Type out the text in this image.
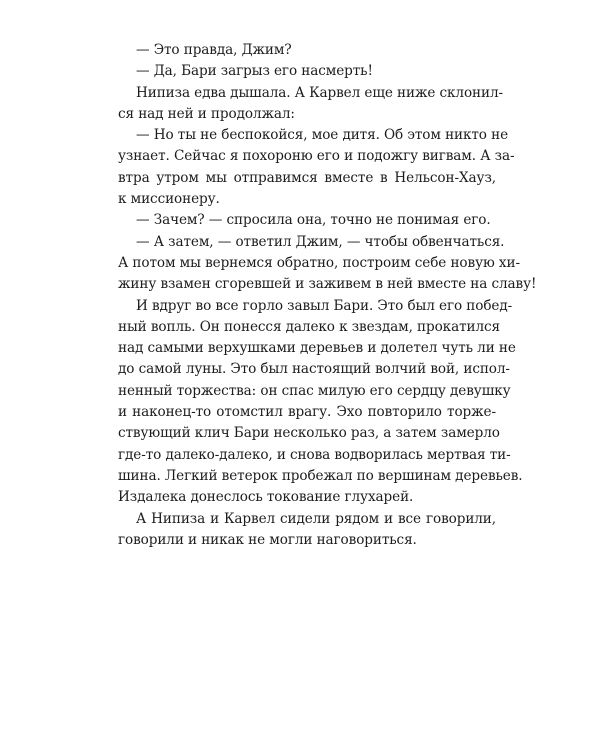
— Это правда, Джим?
— Да, Бари загрыз его насмерть!
Нипиза едва дышала. А Карвел еще ниже склонил-
ся над ней и продолжал:
— Но ты не беспокойся, мое дитя. Об этом никто не
узнает. Сейчас я похороню его и подожгу вигвам. А за-
втра утром мы отправимся вместе в Нельсон-Хауз,
к миссионеру.
— Зачем? — спросила она, точно не понимая его.
— А затем, — ответил Джим, — чтобы обвенчаться.
А потом мы вернемся обратно, построим себе новую хи-
жину взамен сгоревшей и заживем в ней вместе на славу!
И вдруг во все горло завыл Бари. Это был его побед-
ный вопль. Он понесся далеко к звездам, прокатился
над самыми верхушками деревьев и долетел чуть ли не
до самой луны. Это был настоящий волчий вой, испол-
ненный торжества: он спас милую его сердцу девушку
и наконец-то отомстил врагу. Эхо повторило торже-
ствующий клич Бари несколько раз, а затем замерло
где-то далеко-далеко, и снова водворилась мертвая ти-
шина. Легкий ветерок пробежал по вершинам деревьев.
Издалека донеслось токование глухарей.
А Нипиза и Карвел сидели рядом и все говорили,
говорили и никак не могли наговориться.
